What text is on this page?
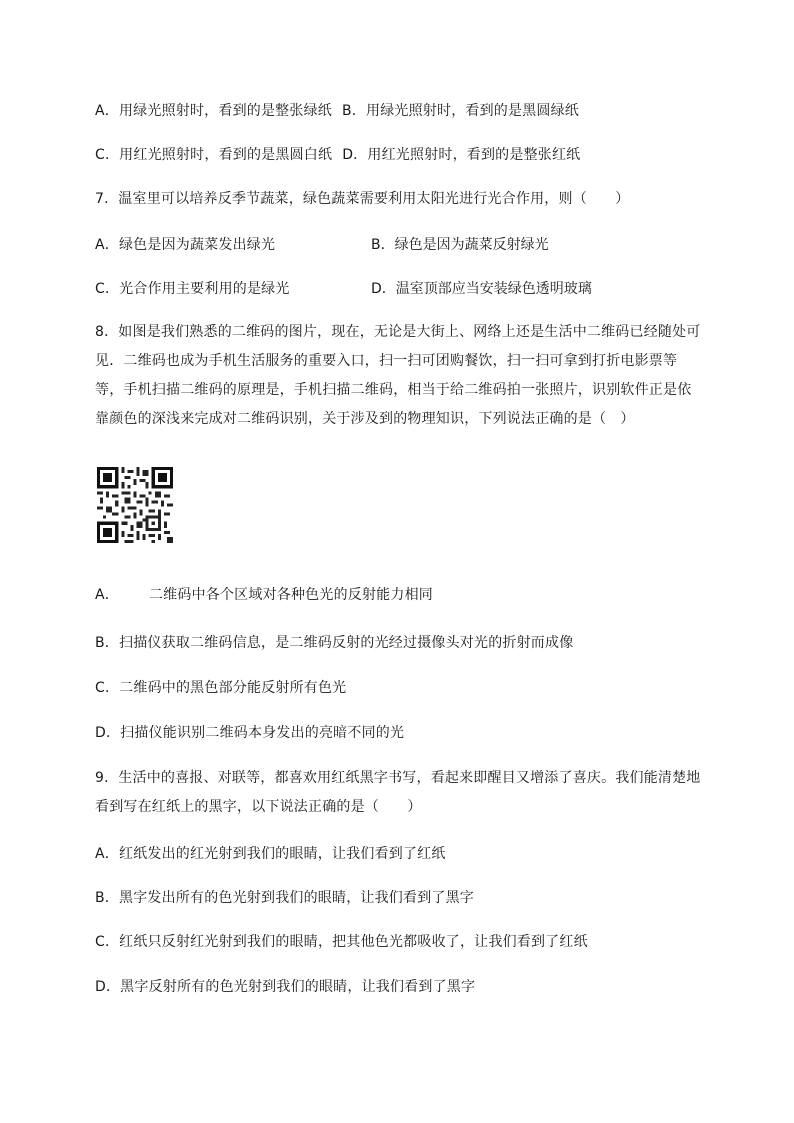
A．用绿光照射时，看到的是整张绿纸 B．用绿光照射时，看到的是黑圆绿纸
C．用红光照射时，看到的是黑圆白纸 D．用红光照射时，看到的是整张红纸
7．温室里可以培养反季节蔬菜，绿色蔬菜需要利用太阳光进行光合作用，则（　　）
A．绿色是因为蔬菜发出绿光	B．绿色是因为蔬菜反射绿光
C．光合作用主要利用的是绿光	D．温室顶部应当安装绿色透明玻璃
8．如图是我们熟悉的二维码的图片，现在，无论是大街上、网络上还是生活中二维码已经随处可见．二维码也成为手机生活服务的重要入口，扫一扫可团购餐饮，扫一扫可拿到打折电影票等等，手机扫描二维码的原理是，手机扫描二维码，相当于给二维码拍一张照片，识别软件正是依靠颜色的深浅来完成对二维码识别，关于涉及到的物理知识，下列说法正确的是（　）
A． 二维码中各个区域对各种色光的反射能力相同
B．扫描仪获取二维码信息，是二维码反射的光经过摄像头对光的折射而成像
C．二维码中的黑色部分能反射所有色光
D．扫描仪能识别二维码本身发出的亮暗不同的光
9．生活中的喜报、对联等，都喜欢用红纸黑字书写，看起来即醒目又增添了喜庆。我们能清楚地看到写在红纸上的黑字，以下说法正确的是（　　）
A．红纸发出的红光射到我们的眼睛，让我们看到了红纸
B．黑字发出所有的色光射到我们的眼睛，让我们看到了黑字
C．红纸只反射红光射到我们的眼睛，把其他色光都吸收了，让我们看到了红纸
D．黑字反射所有的色光射到我们的眼睛，让我们看到了黑字
